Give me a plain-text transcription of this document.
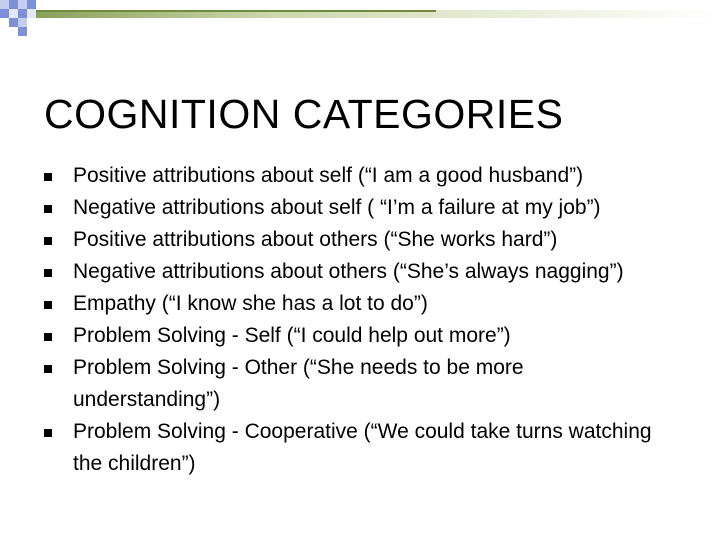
COGNITION CATEGORIES
Positive attributions about self (“I am a good husband”)
Negative attributions about self ( “I’m a failure at my job”)
Positive attributions about others (“She works hard”)
Negative attributions about others (“She’s always nagging”)
Empathy (“I know she has a lot to do”)
Problem Solving - Self (“I could help out more”)
Problem Solving - Other (“She needs to be more understanding”)
Problem Solving - Cooperative (“We could take turns watching the children”)
